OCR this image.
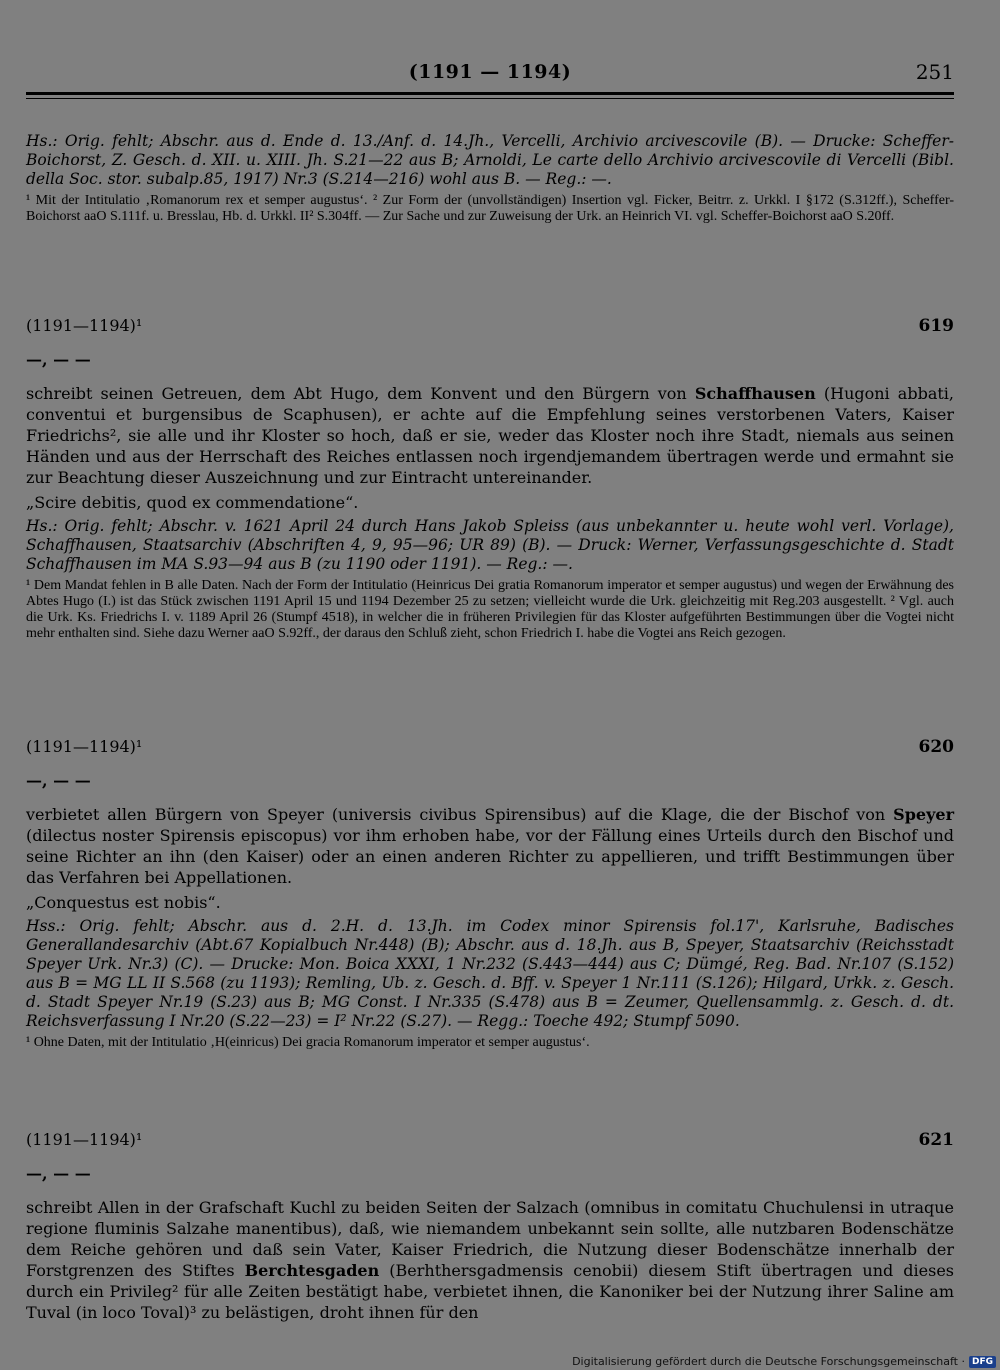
(1191 — 1194)	251

Hs.: Orig. fehlt; Abschr. aus d. Ende d. 13./Anf. d. 14.Jh., Vercelli, Archivio arcivescovile (B). — Drucke: Scheffer-Boichorst, Z. Gesch. d. XII. u. XIII. Jh. S.21—22 aus B; Arnoldi, Le carte dello Archivio arcivescovile di Vercelli (Bibl. della Soc. stor. subalp.85, 1917) Nr.3 (S.214—216) wohl aus B. — Reg.: —.

¹ Mit der Intitulatio ‚Romanorum rex et semper augustus‘. ² Zur Form der (unvollständigen) Insertion vgl. Ficker, Beitrr. z. Urkkl. I §172 (S.312ff.), Scheffer-Boichorst aaO S.111f. u. Bresslau, Hb. d. Urkkl. II² S.304ff. — Zur Sache und zur Zuweisung der Urk. an Heinrich VI. vgl. Scheffer-Boichorst aaO S.20ff.

(1191—1194)¹	619
—, — —

schreibt seinen Getreuen, dem Abt Hugo, dem Konvent und den Bürgern von Schaffhausen (Hugoni abbati, conventui et burgensibus de Scaphusen), er achte auf die Empfehlung seines verstorbenen Vaters, Kaiser Friedrichs², sie alle und ihr Kloster so hoch, daß er sie, weder das Kloster noch ihre Stadt, niemals aus seinen Händen und aus der Herrschaft des Reiches entlassen noch irgendjemandem übertragen werde und ermahnt sie zur Beachtung dieser Auszeichnung und zur Eintracht untereinander.

„Scire debitis, quod ex commendatione“.

Hs.: Orig. fehlt; Abschr. v. 1621 April 24 durch Hans Jakob Spleiss (aus unbekannter u. heute wohl verl. Vorlage), Schaffhausen, Staatsarchiv (Abschriften 4, 9, 95—96; UR 89) (B). — Druck: Werner, Verfassungsgeschichte d. Stadt Schaffhausen im MA S.93—94 aus B (zu 1190 oder 1191). — Reg.: —.

¹ Dem Mandat fehlen in B alle Daten. Nach der Form der Intitulatio (Heinricus Dei gratia Romanorum imperator et semper augustus) und wegen der Erwähnung des Abtes Hugo (I.) ist das Stück zwischen 1191 April 15 und 1194 Dezember 25 zu setzen; vielleicht wurde die Urk. gleichzeitig mit Reg.203 ausgestellt. ² Vgl. auch die Urk. Ks. Friedrichs I. v. 1189 April 26 (Stumpf 4518), in welcher die in früheren Privilegien für das Kloster aufgeführten Bestimmungen über die Vogtei nicht mehr enthalten sind. Siehe dazu Werner aaO S.92ff., der daraus den Schluß zieht, schon Friedrich I. habe die Vogtei ans Reich gezogen.

(1191—1194)¹	620
—, — —

verbietet allen Bürgern von Speyer (universis civibus Spirensibus) auf die Klage, die der Bischof von Speyer (dilectus noster Spirensis episcopus) vor ihm erhoben habe, vor der Fällung eines Urteils durch den Bischof und seine Richter an ihn (den Kaiser) oder an einen anderen Richter zu appellieren, und trifft Bestimmungen über das Verfahren bei Appellationen.

„Conquestus est nobis“.

Hss.: Orig. fehlt; Abschr. aus d. 2.H. d. 13.Jh. im Codex minor Spirensis fol.17', Karlsruhe, Badisches Generallandesarchiv (Abt.67 Kopialbuch Nr.448) (B); Abschr. aus d. 18.Jh. aus B, Speyer, Staatsarchiv (Reichsstadt Speyer Urk. Nr.3) (C). — Drucke: Mon. Boica XXXI, 1 Nr.232 (S.443—444) aus C; Dümgé, Reg. Bad. Nr.107 (S.152) aus B = MG LL II S.568 (zu 1193); Remling, Ub. z. Gesch. d. Bff. v. Speyer 1 Nr.111 (S.126); Hilgard, Urkk. z. Gesch. d. Stadt Speyer Nr.19 (S.23) aus B; MG Const. I Nr.335 (S.478) aus B = Zeumer, Quellensammlg. z. Gesch. d. dt. Reichsverfassung I Nr.20 (S.22—23) = I² Nr.22 (S.27). — Regg.: Toeche 492; Stumpf 5090.

¹ Ohne Daten, mit der Intitulatio ‚H(einricus) Dei gracia Romanorum imperator et semper augustus‘.

(1191—1194)¹	621
—, — —

schreibt Allen in der Grafschaft Kuchl zu beiden Seiten der Salzach (omnibus in comitatu Chuchulensi in utraque regione fluminis Salzahe manentibus), daß, wie niemandem unbekannt sein sollte, alle nutzbaren Bodenschätze dem Reiche gehören und daß sein Vater, Kaiser Friedrich, die Nutzung dieser Bodenschätze innerhalb der Forstgrenzen des Stiftes Berchtesgaden (Berhthersgadmensis cenobii) diesem Stift übertragen und dieses durch ein Privileg² für alle Zeiten bestätigt habe, verbietet ihnen, die Kanoniker bei der Nutzung ihrer Saline am Tuval (in loco Toval)³ zu belästigen, droht ihnen für den

Digitalisierung gefördert durch die Deutsche Forschungsgemeinschaft · DFG
